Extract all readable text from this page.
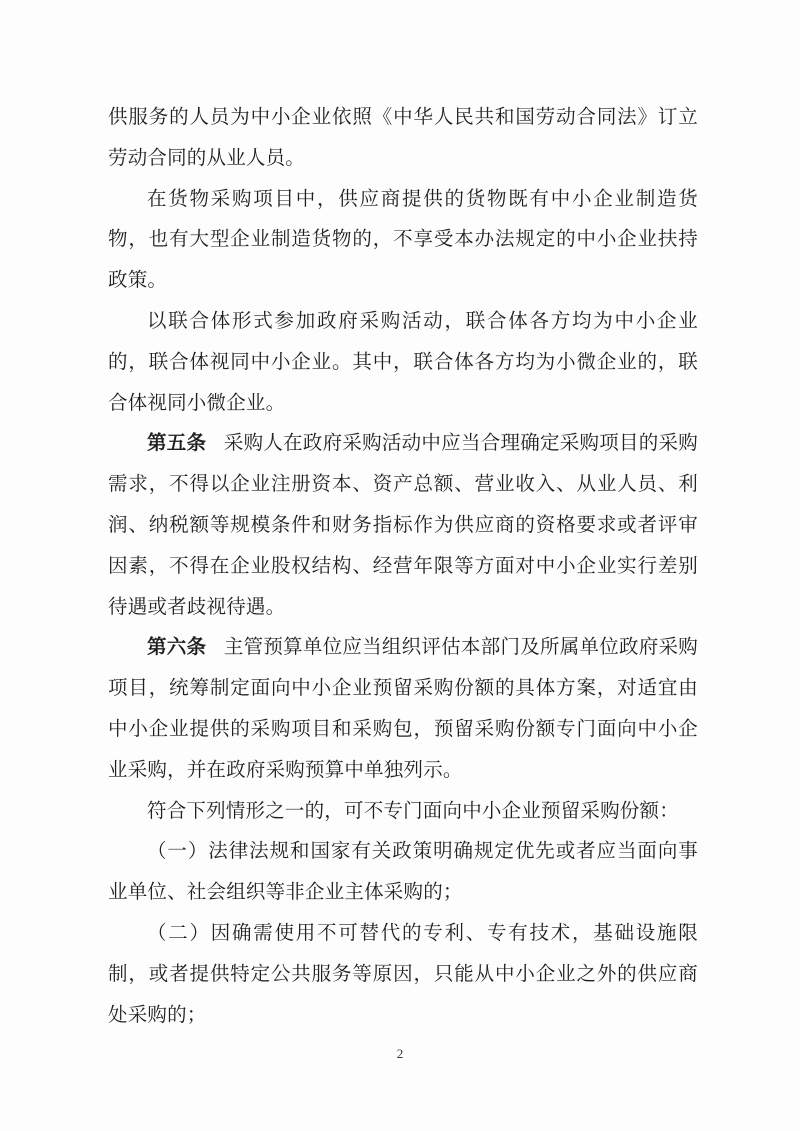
供服务的人员为中小企业依照《中华人民共和国劳动合同法》订立劳动合同的从业人员。

在货物采购项目中，供应商提供的货物既有中小企业制造货物，也有大型企业制造货物的，不享受本办法规定的中小企业扶持政策。

以联合体形式参加政府采购活动，联合体各方均为中小企业的，联合体视同中小企业。其中，联合体各方均为小微企业的，联合体视同小微企业。

第五条 采购人在政府采购活动中应当合理确定采购项目的采购需求，不得以企业注册资本、资产总额、营业收入、从业人员、利润、纳税额等规模条件和财务指标作为供应商的资格要求或者评审因素，不得在企业股权结构、经营年限等方面对中小企业实行差别待遇或者歧视待遇。

第六条 主管预算单位应当组织评估本部门及所属单位政府采购项目，统筹制定面向中小企业预留采购份额的具体方案，对适宜由中小企业提供的采购项目和采购包，预留采购份额专门面向中小企业采购，并在政府采购预算中单独列示。

符合下列情形之一的，可不专门面向中小企业预留采购份额：

（一）法律法规和国家有关政策明确规定优先或者应当面向事业单位、社会组织等非企业主体采购的；

（二）因确需使用不可替代的专利、专有技术，基础设施限制，或者提供特定公共服务等原因，只能从中小企业之外的供应商处采购的；

2
